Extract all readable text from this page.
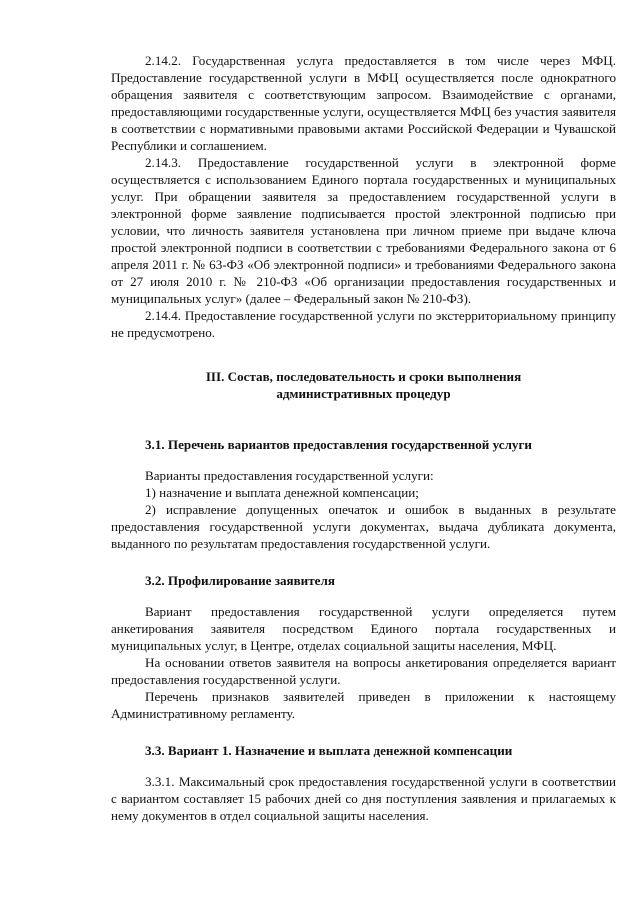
2.14.2. Государственная услуга предоставляется в том числе через МФЦ. Предоставление государственной услуги в МФЦ осуществляется после однократного обращения заявителя с соответствующим запросом. Взаимодействие с органами, предоставляющими государственные услуги, осуществляется МФЦ без участия заявителя в соответствии с нормативными правовыми актами Российской Федерации и Чувашской Республики и соглашением.

2.14.3. Предоставление государственной услуги в электронной форме осуществляется с использованием Единого портала государственных и муниципальных услуг. При обращении заявителя за предоставлением государственной услуги в электронной форме заявление подписывается простой электронной подписью при условии, что личность заявителя установлена при личном приеме при выдаче ключа простой электронной подписи в соответствии с требованиями Федерального закона от 6 апреля 2011 г. № 63-ФЗ «Об электронной подписи» и требованиями Федерального закона от 27 июля 2010 г. № 210-ФЗ «Об организации предоставления государственных и муниципальных услуг» (далее – Федеральный закон № 210-ФЗ).

2.14.4. Предоставление государственной услуги по экстерриториальному принципу не предусмотрено.

III. Состав, последовательность и сроки выполнения
административных процедур
3.1. Перечень вариантов предоставления государственной услуги

Варианты предоставления государственной услуги:

1) назначение и выплата денежной компенсации;

2) исправление допущенных опечаток и ошибок в выданных в результате предоставления государственной услуги документах, выдача дубликата документа, выданного по результатам предоставления государственной услуги.

3.2. Профилирование заявителя

Вариант предоставления государственной услуги определяется путем анкетирования заявителя посредством Единого портала государственных и муниципальных услуг, в Центре, отделах социальной защиты населения, МФЦ.

На основании ответов заявителя на вопросы анкетирования определяется вариант предоставления государственной услуги.

Перечень признаков заявителей приведен в приложении к настоящему Административному регламенту.

3.3. Вариант 1. Назначение и выплата денежной компенсации

3.3.1. Максимальный срок предоставления государственной услуги в соответствии с вариантом составляет 15 рабочих дней со дня поступления заявления и прилагаемых к нему документов в отдел социальной защиты населения.
